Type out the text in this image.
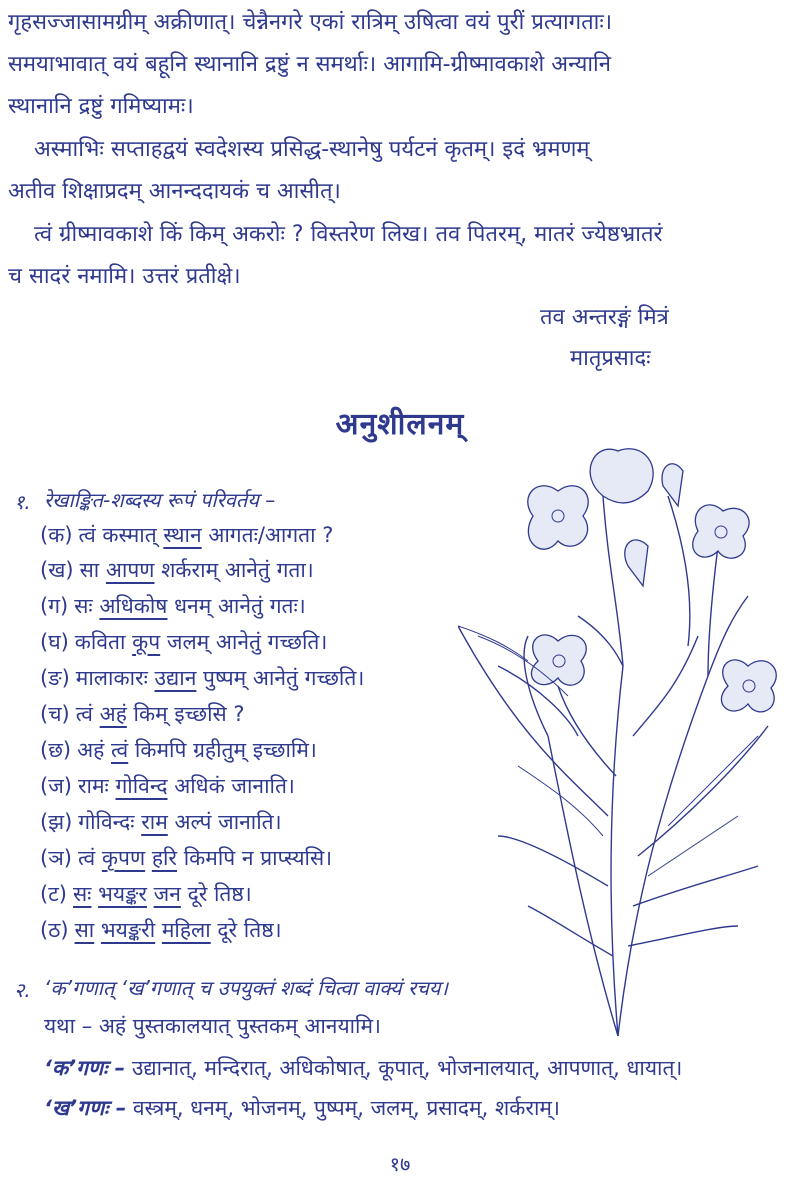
गृहसज्जासामग्रीम् अक्रीणात्। चेन्नैनगरे एकां रात्रिम् उषित्वा वयं पुरीं प्रत्यागताः।
समयाभावात् वयं बहूनि स्थानानि द्रष्टुं न समर्थाः। आगामि-ग्रीष्मावकाशे अन्यानि
स्थानानि द्रष्टुं गमिष्यामः।
अस्माभिः सप्ताहद्वयं स्वदेशस्य प्रसिद्ध-स्थानेषु पर्यटनं कृतम्। इदं भ्रमणम्
अतीव शिक्षाप्रदम् आनन्ददायकं च आसीत्।
त्वं ग्रीष्मावकाशे किं किम् अकरोः ? विस्तरेण लिख। तव पितरम्, मातरं ज्येष्ठभ्रातरं
च सादरं नमामि। उत्तरं प्रतीक्षे।
तव अन्तरङ्गं मित्रं
मातृप्रसादः
अनुशीलनम्
१. रेखाङ्कित-शब्दस्य रूपं परिवर्तय –
(क) त्वं कस्मात् स्थान आगतः/आगता ?
(ख) सा आपण शर्कराम् आनेतुं गता।
(ग) सः अधिकोष धनम् आनेतुं गतः।
(घ) कविता कूप जलम् आनेतुं गच्छति।
(ङ) मालाकारः उद्यान पुष्पम् आनेतुं गच्छति।
(च) त्वं अहं किम् इच्छसि ?
(छ) अहं त्वं किमपि ग्रहीतुम् इच्छामि।
(ज) रामः गोविन्द अधिकं जानाति।
(झ) गोविन्दः राम अल्पं जानाति।
(ञ) त्वं कृपण हरि किमपि न प्राप्स्यसि।
(ट) सः भयङ्कर जन दूरे तिष्ठ।
(ठ) सा भयङ्करी महिला दूरे तिष्ठ।
२. ‘क’गणात् ‘ख’गणात् च उपयुक्तं शब्दं चित्वा वाक्यं रचय।
यथा – अहं पुस्तकालयात् पुस्तकम् आनयामि।
‘क’गणः – उद्यानात्, मन्दिरात्, अधिकोषात्, कूपात्, भोजनालयात्, आपणात्, धायात्।
‘ख’गणः – वस्त्रम्, धनम्, भोजनम्, पुष्पम्, जलम्, प्रसादम्, शर्कराम्।
१७
